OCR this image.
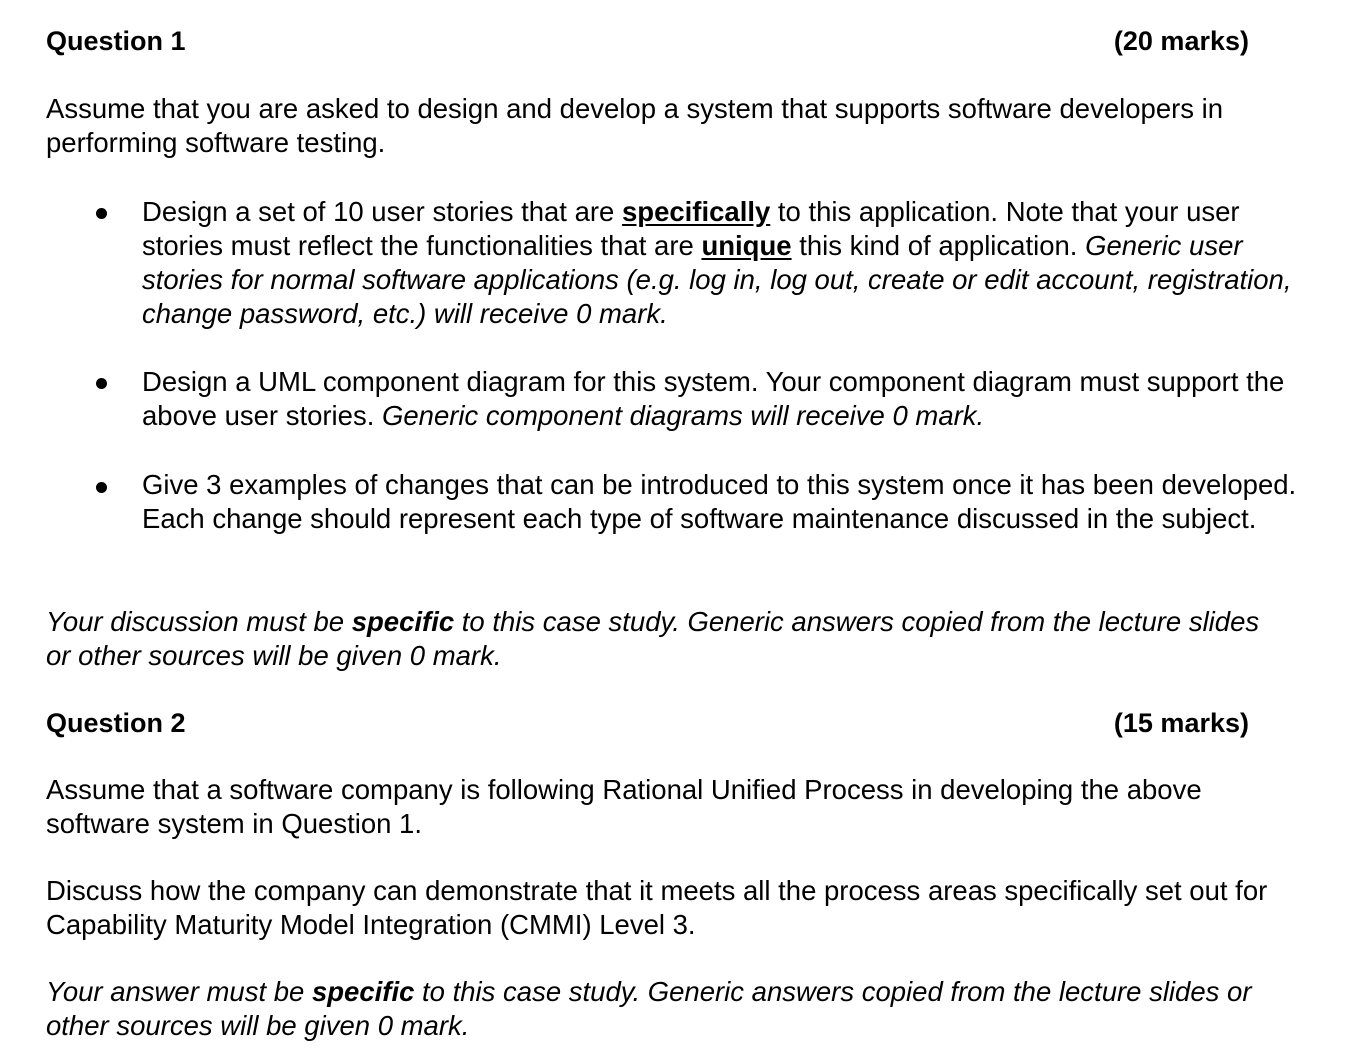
Question 1	(20 marks)
Assume that you are asked to design and develop a system that supports software developers in performing software testing.
Design a set of 10 user stories that are specifically to this application. Note that your user stories must reflect the functionalities that are unique this kind of application. Generic user stories for normal software applications (e.g. log in, log out, create or edit account, registration, change password, etc.) will receive 0 mark.
Design a UML component diagram for this system. Your component diagram must support the above user stories. Generic component diagrams will receive 0 mark.
Give 3 examples of changes that can be introduced to this system once it has been developed. Each change should represent each type of software maintenance discussed in the subject.
Your discussion must be specific to this case study. Generic answers copied from the lecture slides or other sources will be given 0 mark.
Question 2	(15 marks)
Assume that a software company is following Rational Unified Process in developing the above software system in Question 1.
Discuss how the company can demonstrate that it meets all the process areas specifically set out for Capability Maturity Model Integration (CMMI) Level 3.
Your answer must be specific to this case study. Generic answers copied from the lecture slides or other sources will be given 0 mark.
